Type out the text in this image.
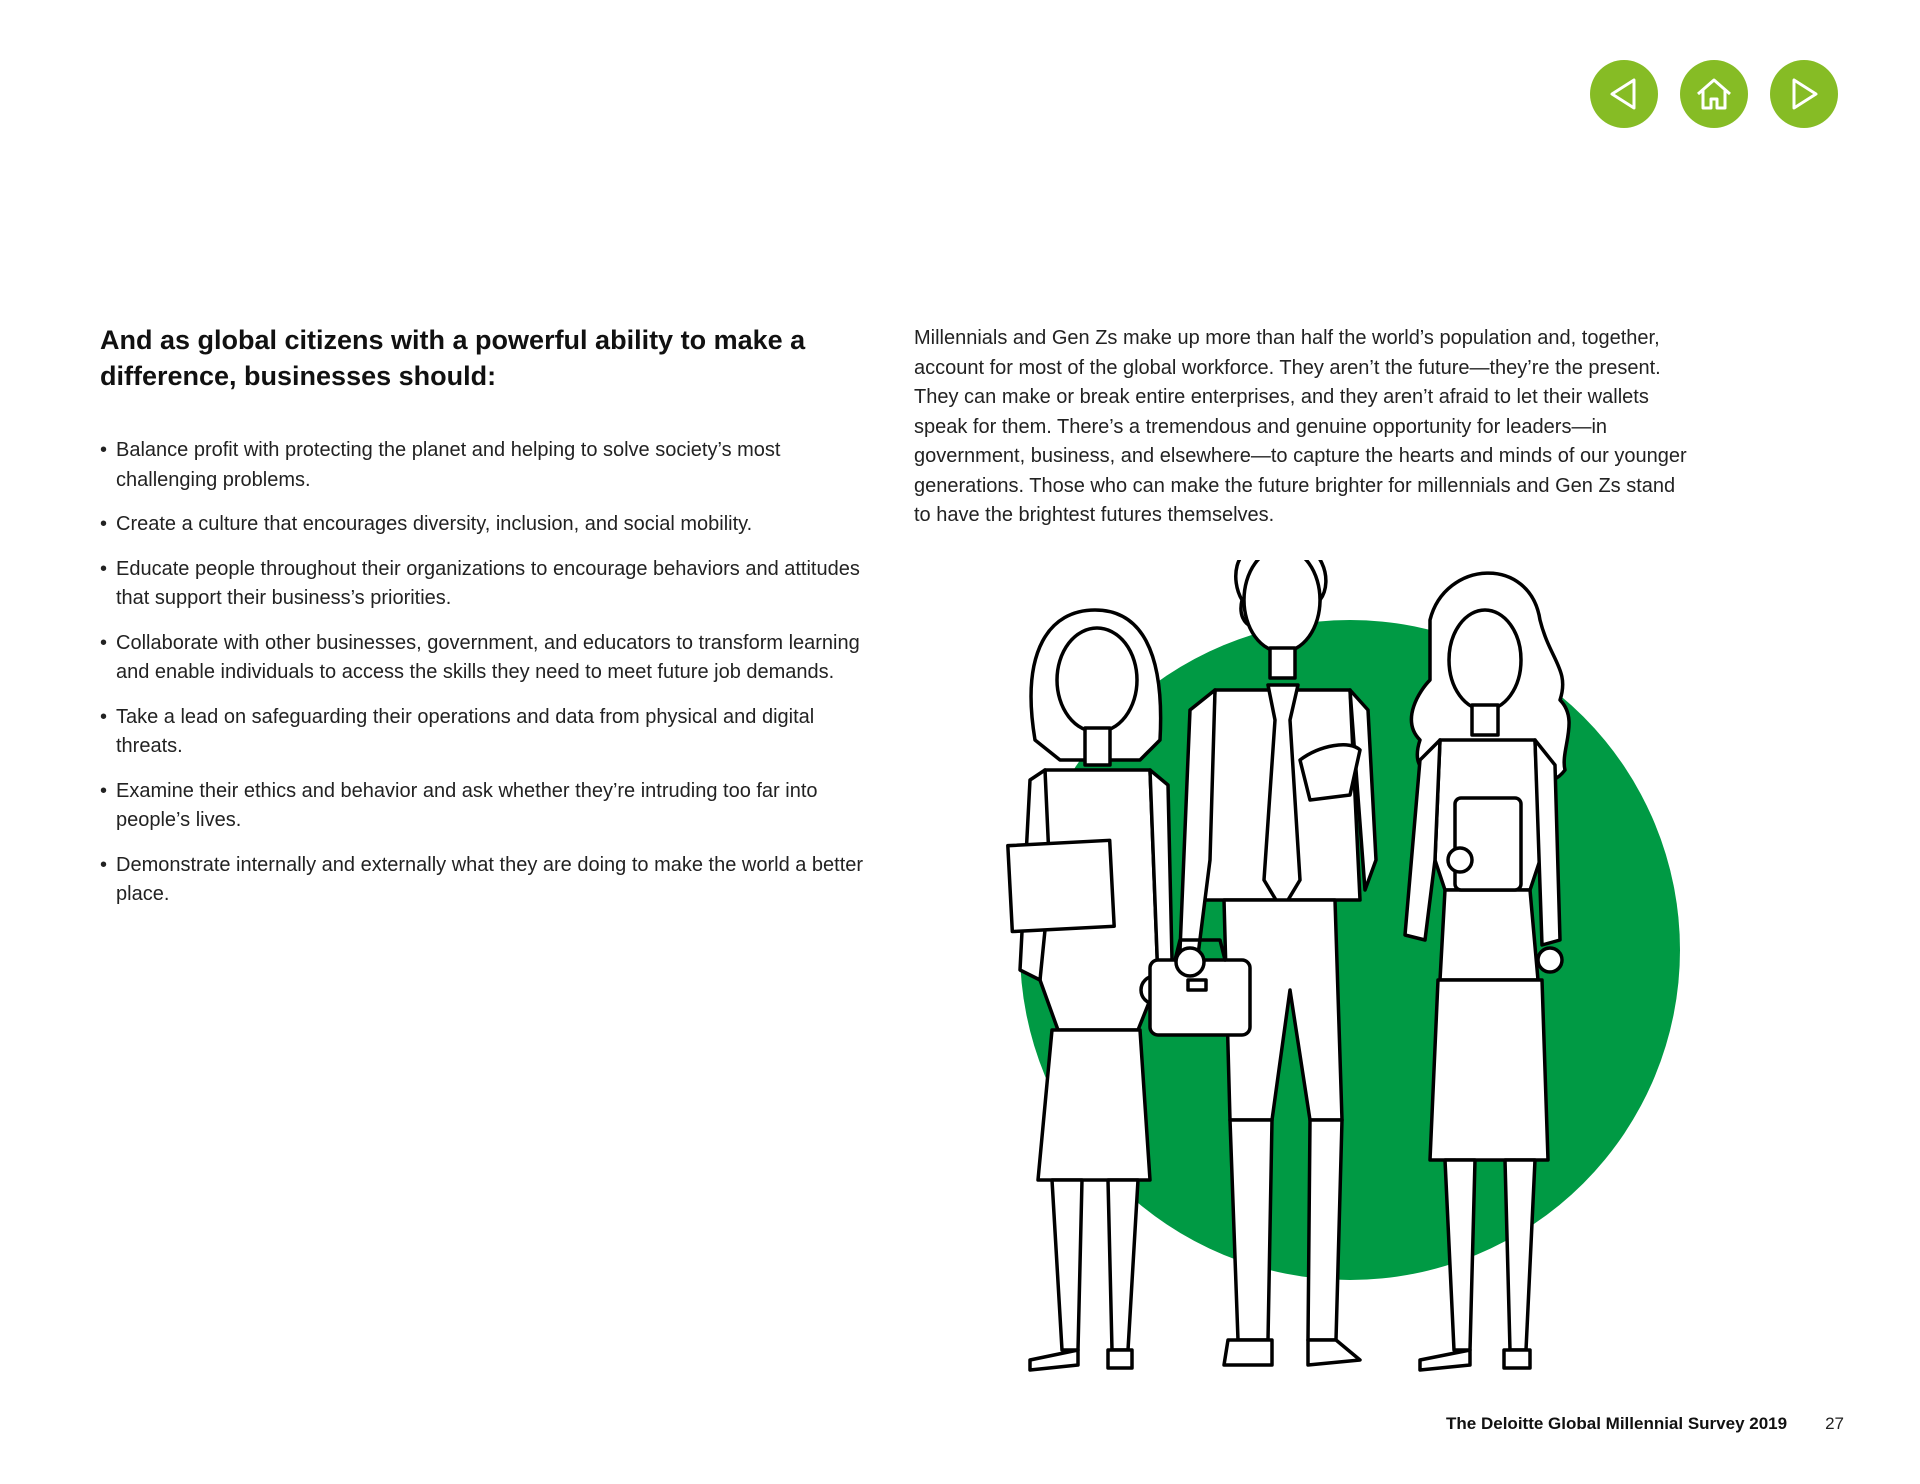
And as global citizens with a powerful ability to make a difference, businesses should:
• Balance profit with protecting the planet and helping to solve society’s most challenging problems.
• Create a culture that encourages diversity, inclusion, and social mobility.
• Educate people throughout their organizations to encourage behaviors and attitudes that support their business’s priorities.
• Collaborate with other businesses, government, and educators to transform learning and enable individuals to access the skills they need to meet future job demands.
• Take a lead on safeguarding their operations and data from physical and digital threats.
• Examine their ethics and behavior and ask whether they’re intruding too far into people’s lives.
• Demonstrate internally and externally what they are doing to make the world a better place.

Millennials and Gen Zs make up more than half the world’s population and, together, account for most of the global workforce. They aren’t the future—they’re the present. They can make or break entire enterprises, and they aren’t afraid to let their wallets speak for them. There’s a tremendous and genuine opportunity for leaders—in government, business, and elsewhere—to capture the hearts and minds of our younger generations. Those who can make the future brighter for millennials and Gen Zs stand to have the brightest futures themselves.

The Deloitte Global Millennial Survey 2019 27
